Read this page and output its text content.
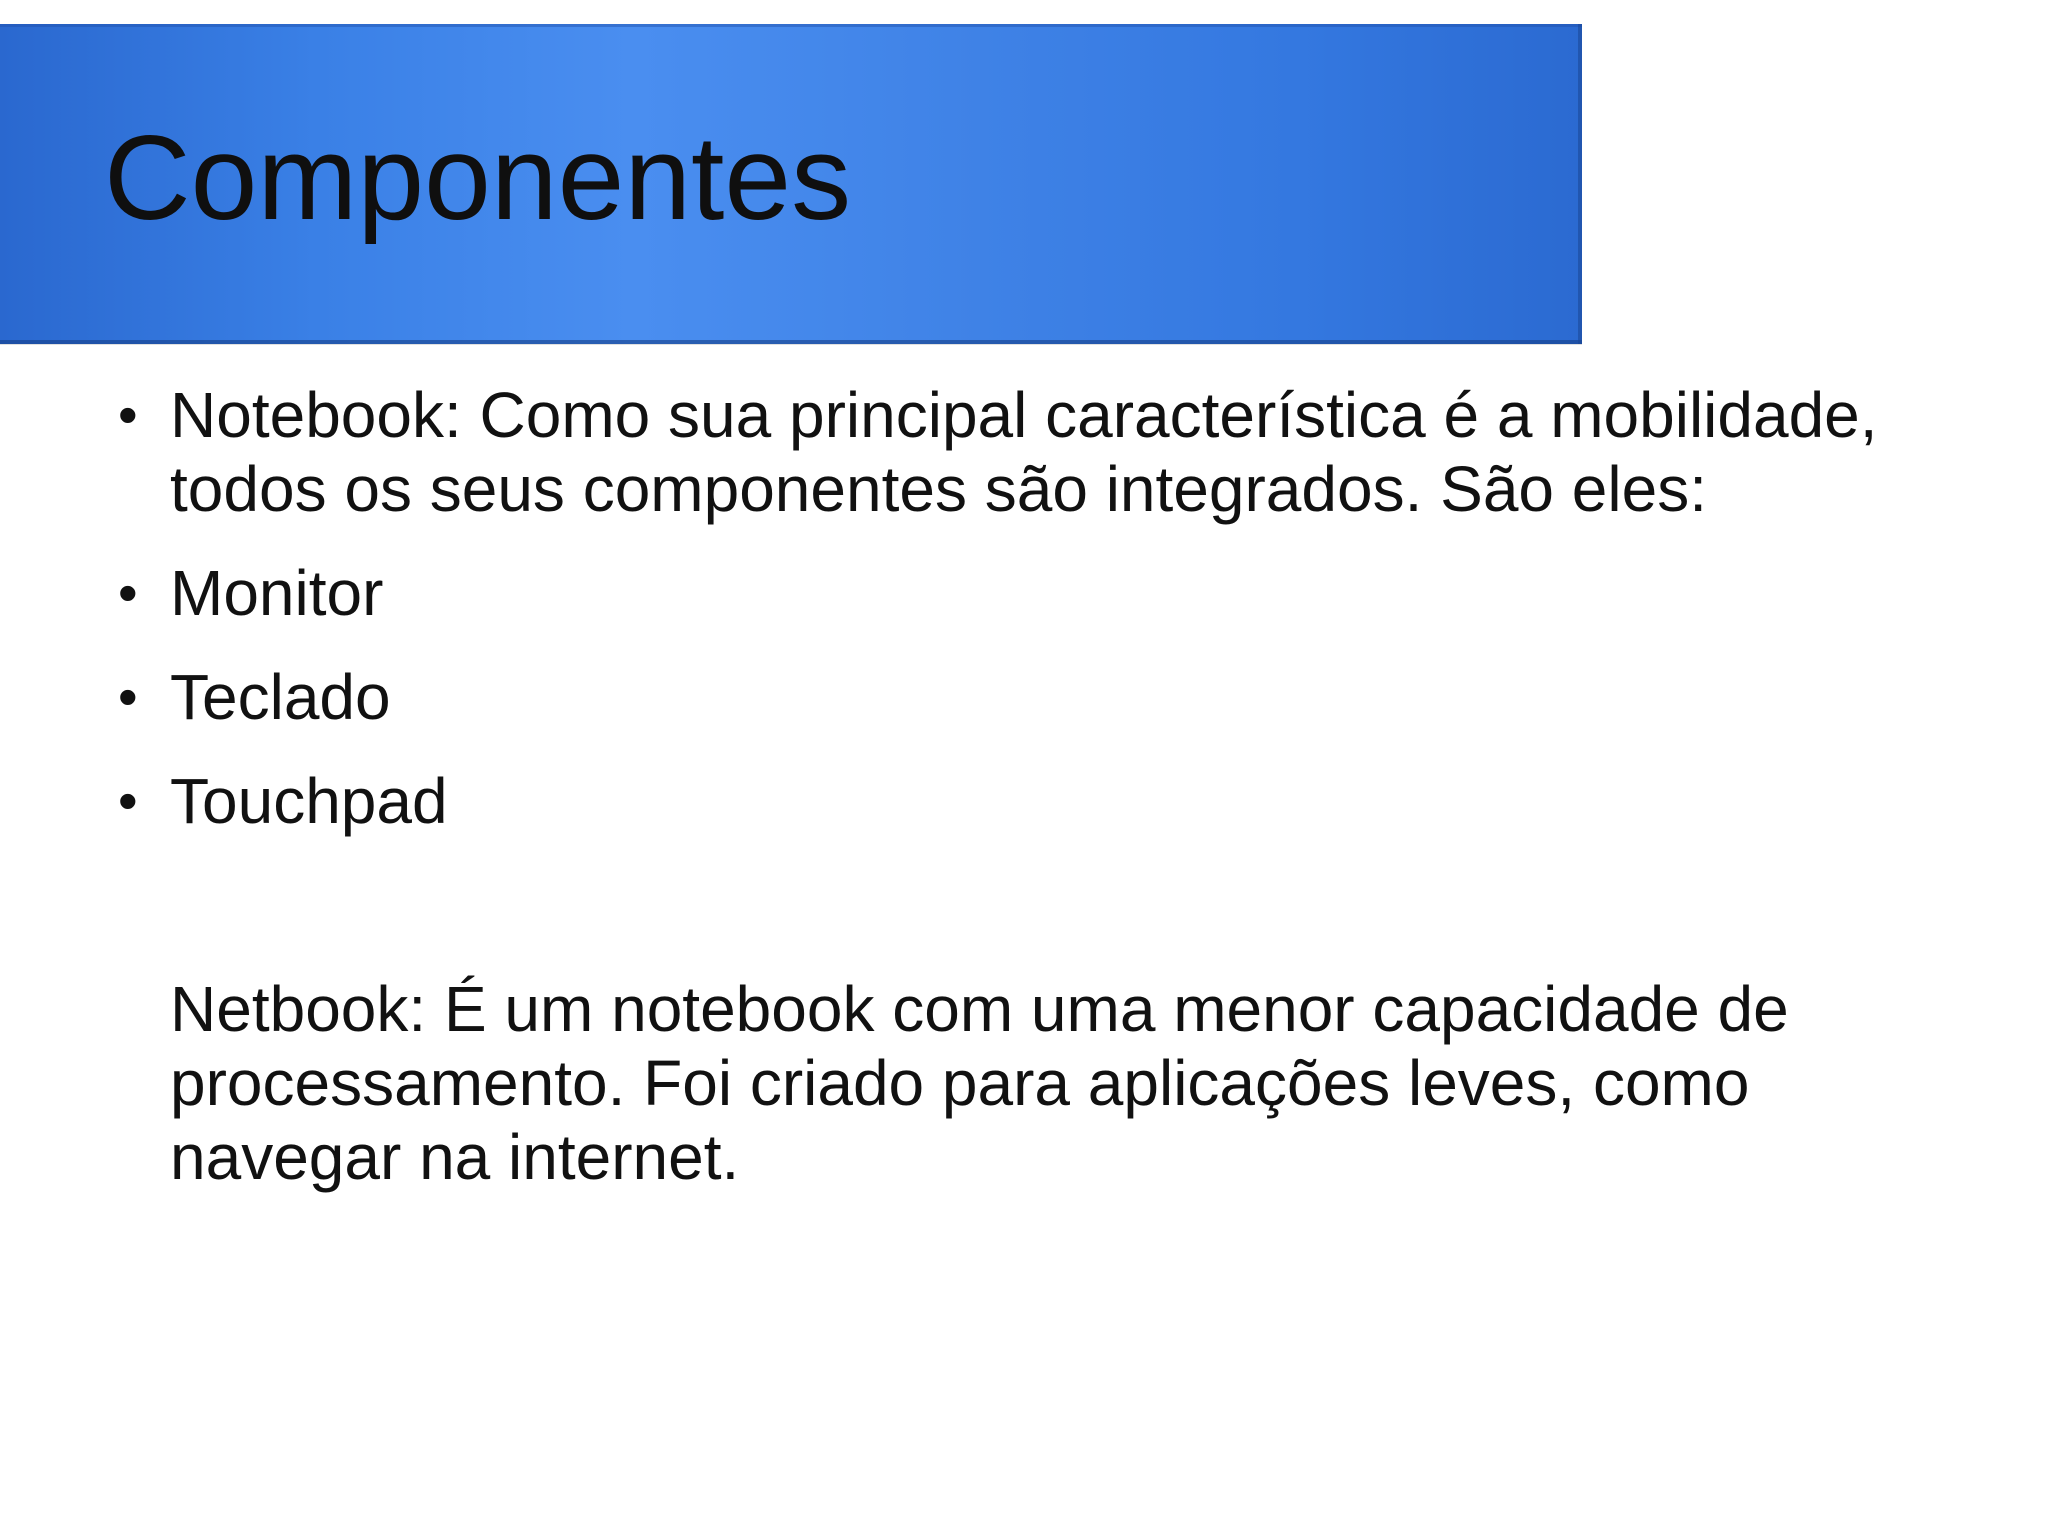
Componentes
• Notebook: Como sua principal característica é a mobilidade, todos os seus componentes são integrados. São eles:
• Monitor
• Teclado
• Touchpad

Netbook: É um notebook com uma menor capacidade de processamento. Foi criado para aplicações leves, como navegar na internet.
